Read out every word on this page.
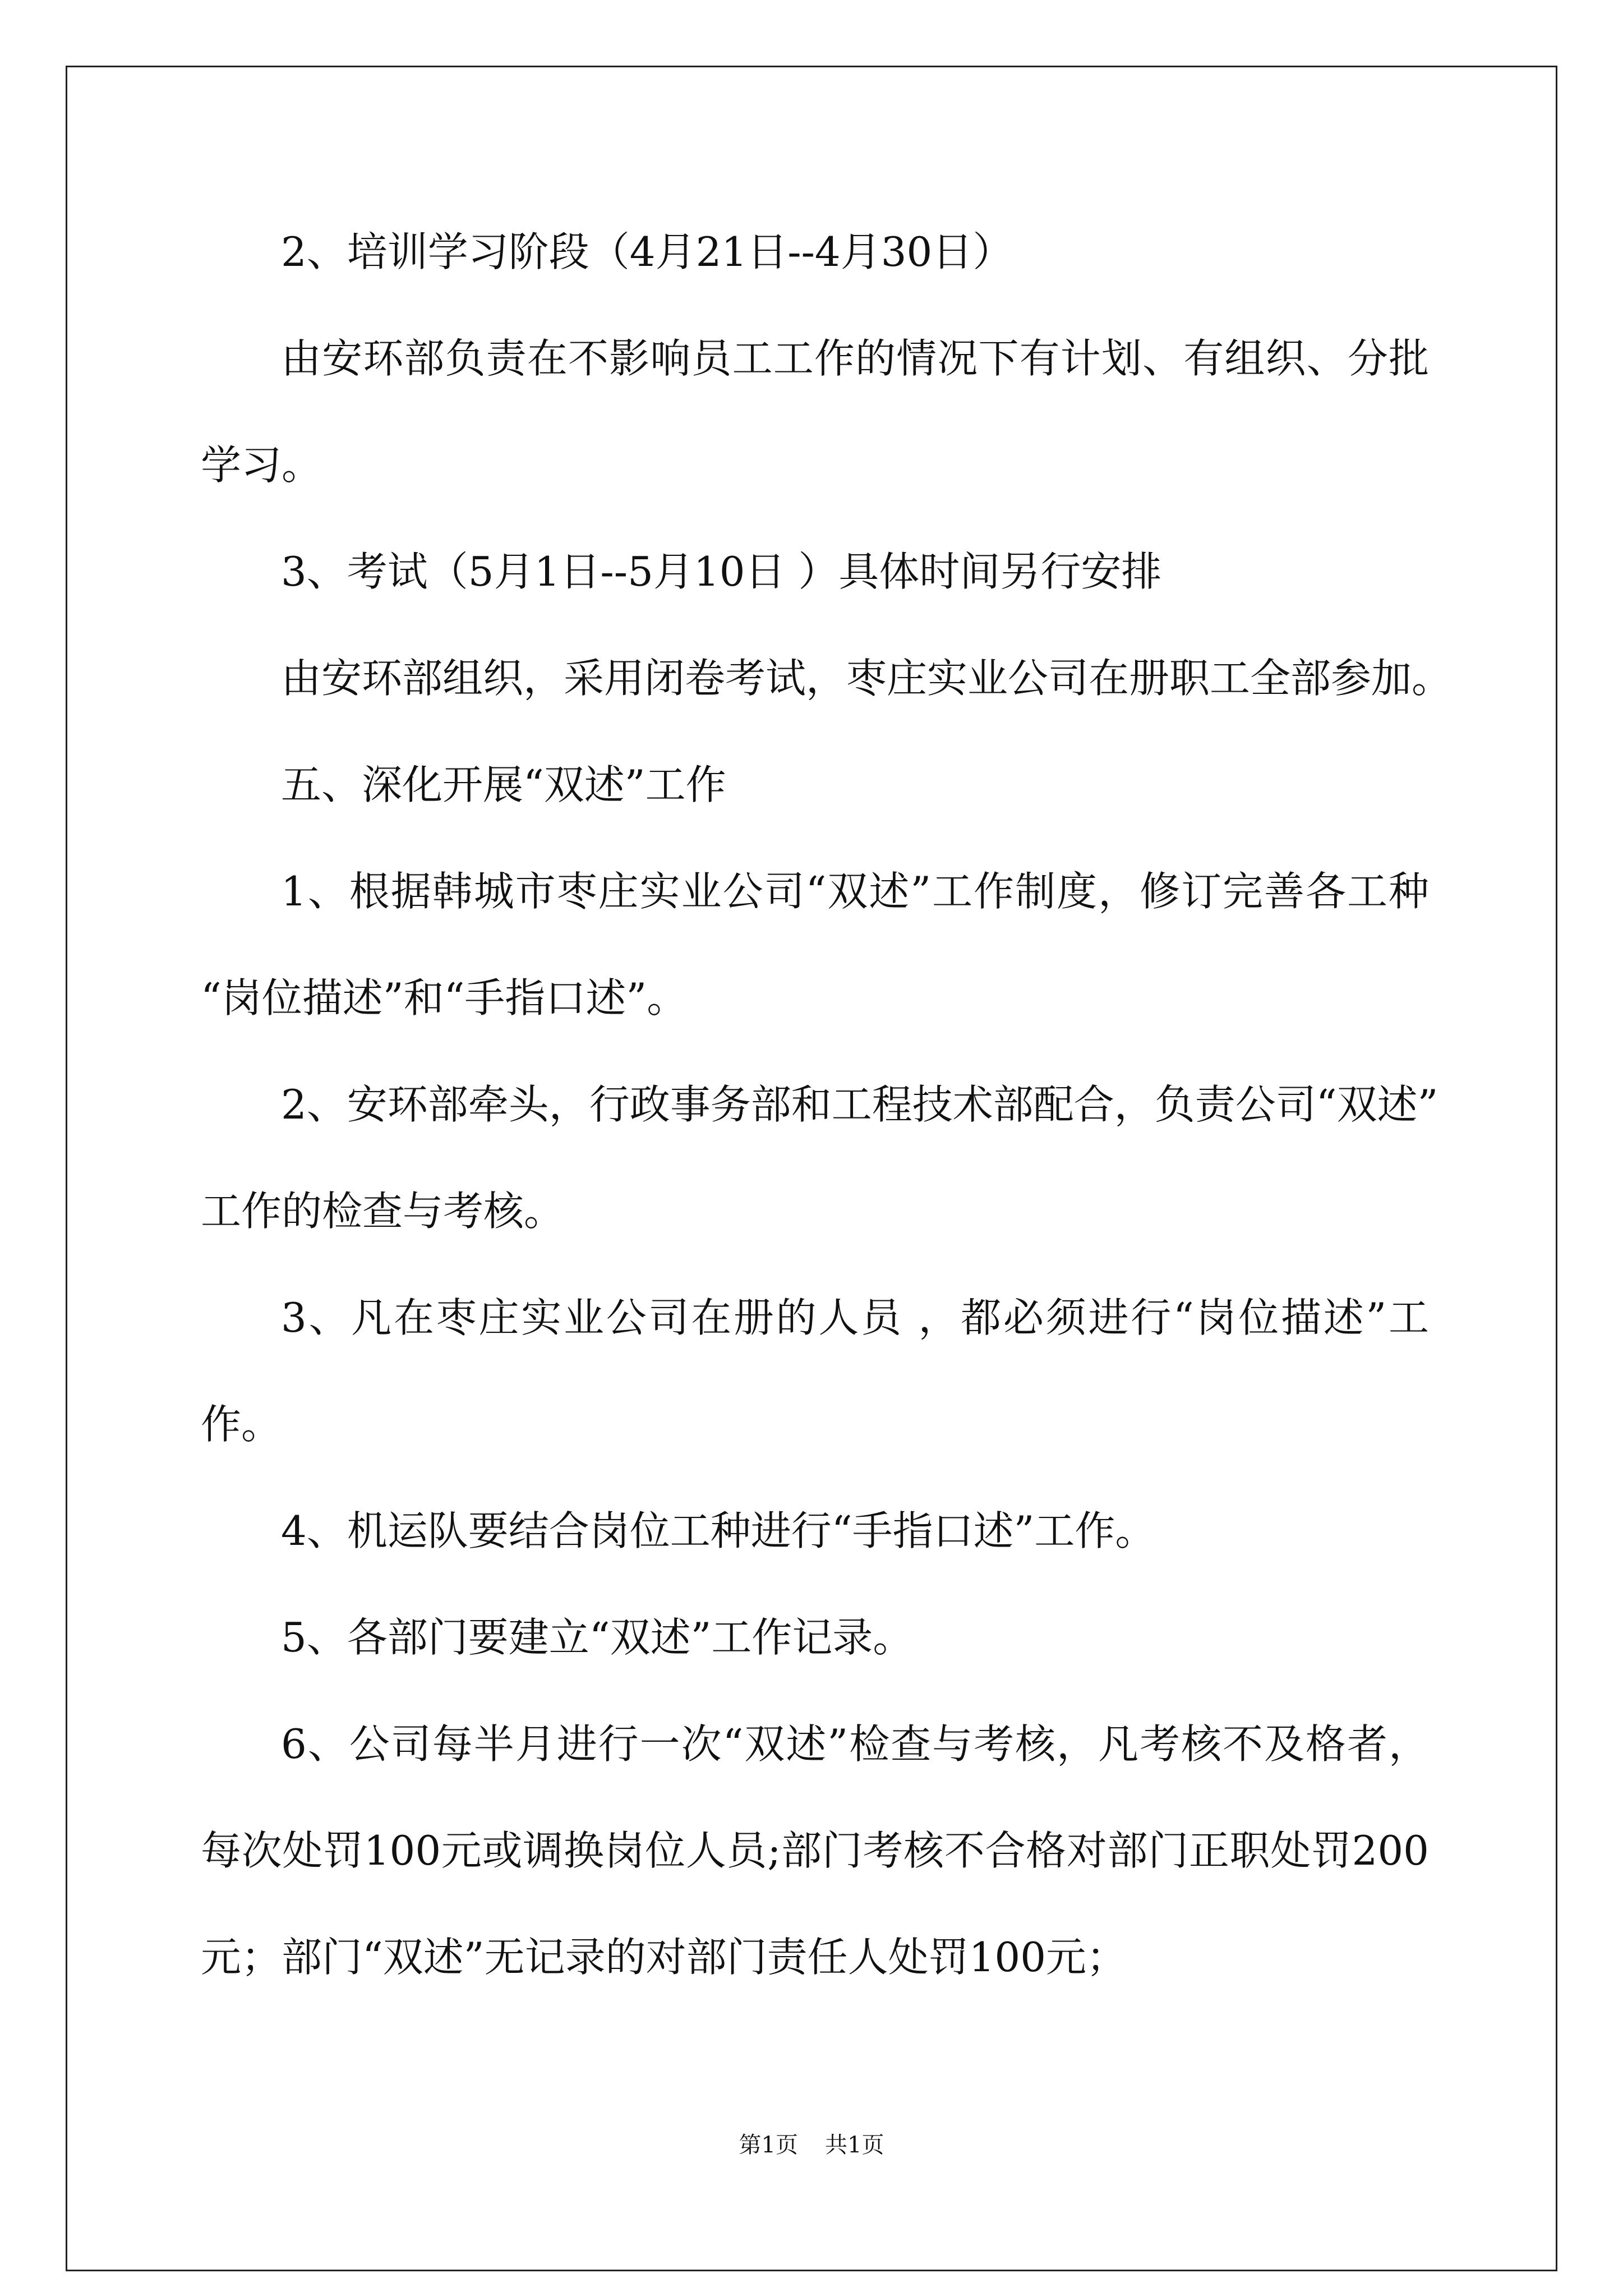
2、培训学习阶段（4月21日--4月30日）
由安环部负责在不影响员工工作的情况下有计划、有组织、分批
学习。
3、考试（5月1日--5月10日 ）具体时间另行安排
由安环部组织，采用闭卷考试，枣庄实业公司在册职工全部参加。
五、深化开展“双述”工作
1、根据韩城市枣庄实业公司“双述”工作制度，修订完善各工种
“岗位描述”和“手指口述”。
2、安环部牵头，行政事务部和工程技术部配合，负责公司“双述”
工作的检查与考核。
3、凡在枣庄实业公司在册的人员 ，都必须进行“岗位描述”工
作。
4、机运队要结合岗位工种进行“手指口述”工作。
5、各部门要建立“双述”工作记录。
6、公司每半月进行一次“双述”检查与考核，凡考核不及格者，
每次处罚100元或调换岗位人员;部门考核不合格对部门正职处罚200
元；部门“双述”无记录的对部门责任人处罚100元；
第1页 共1页
